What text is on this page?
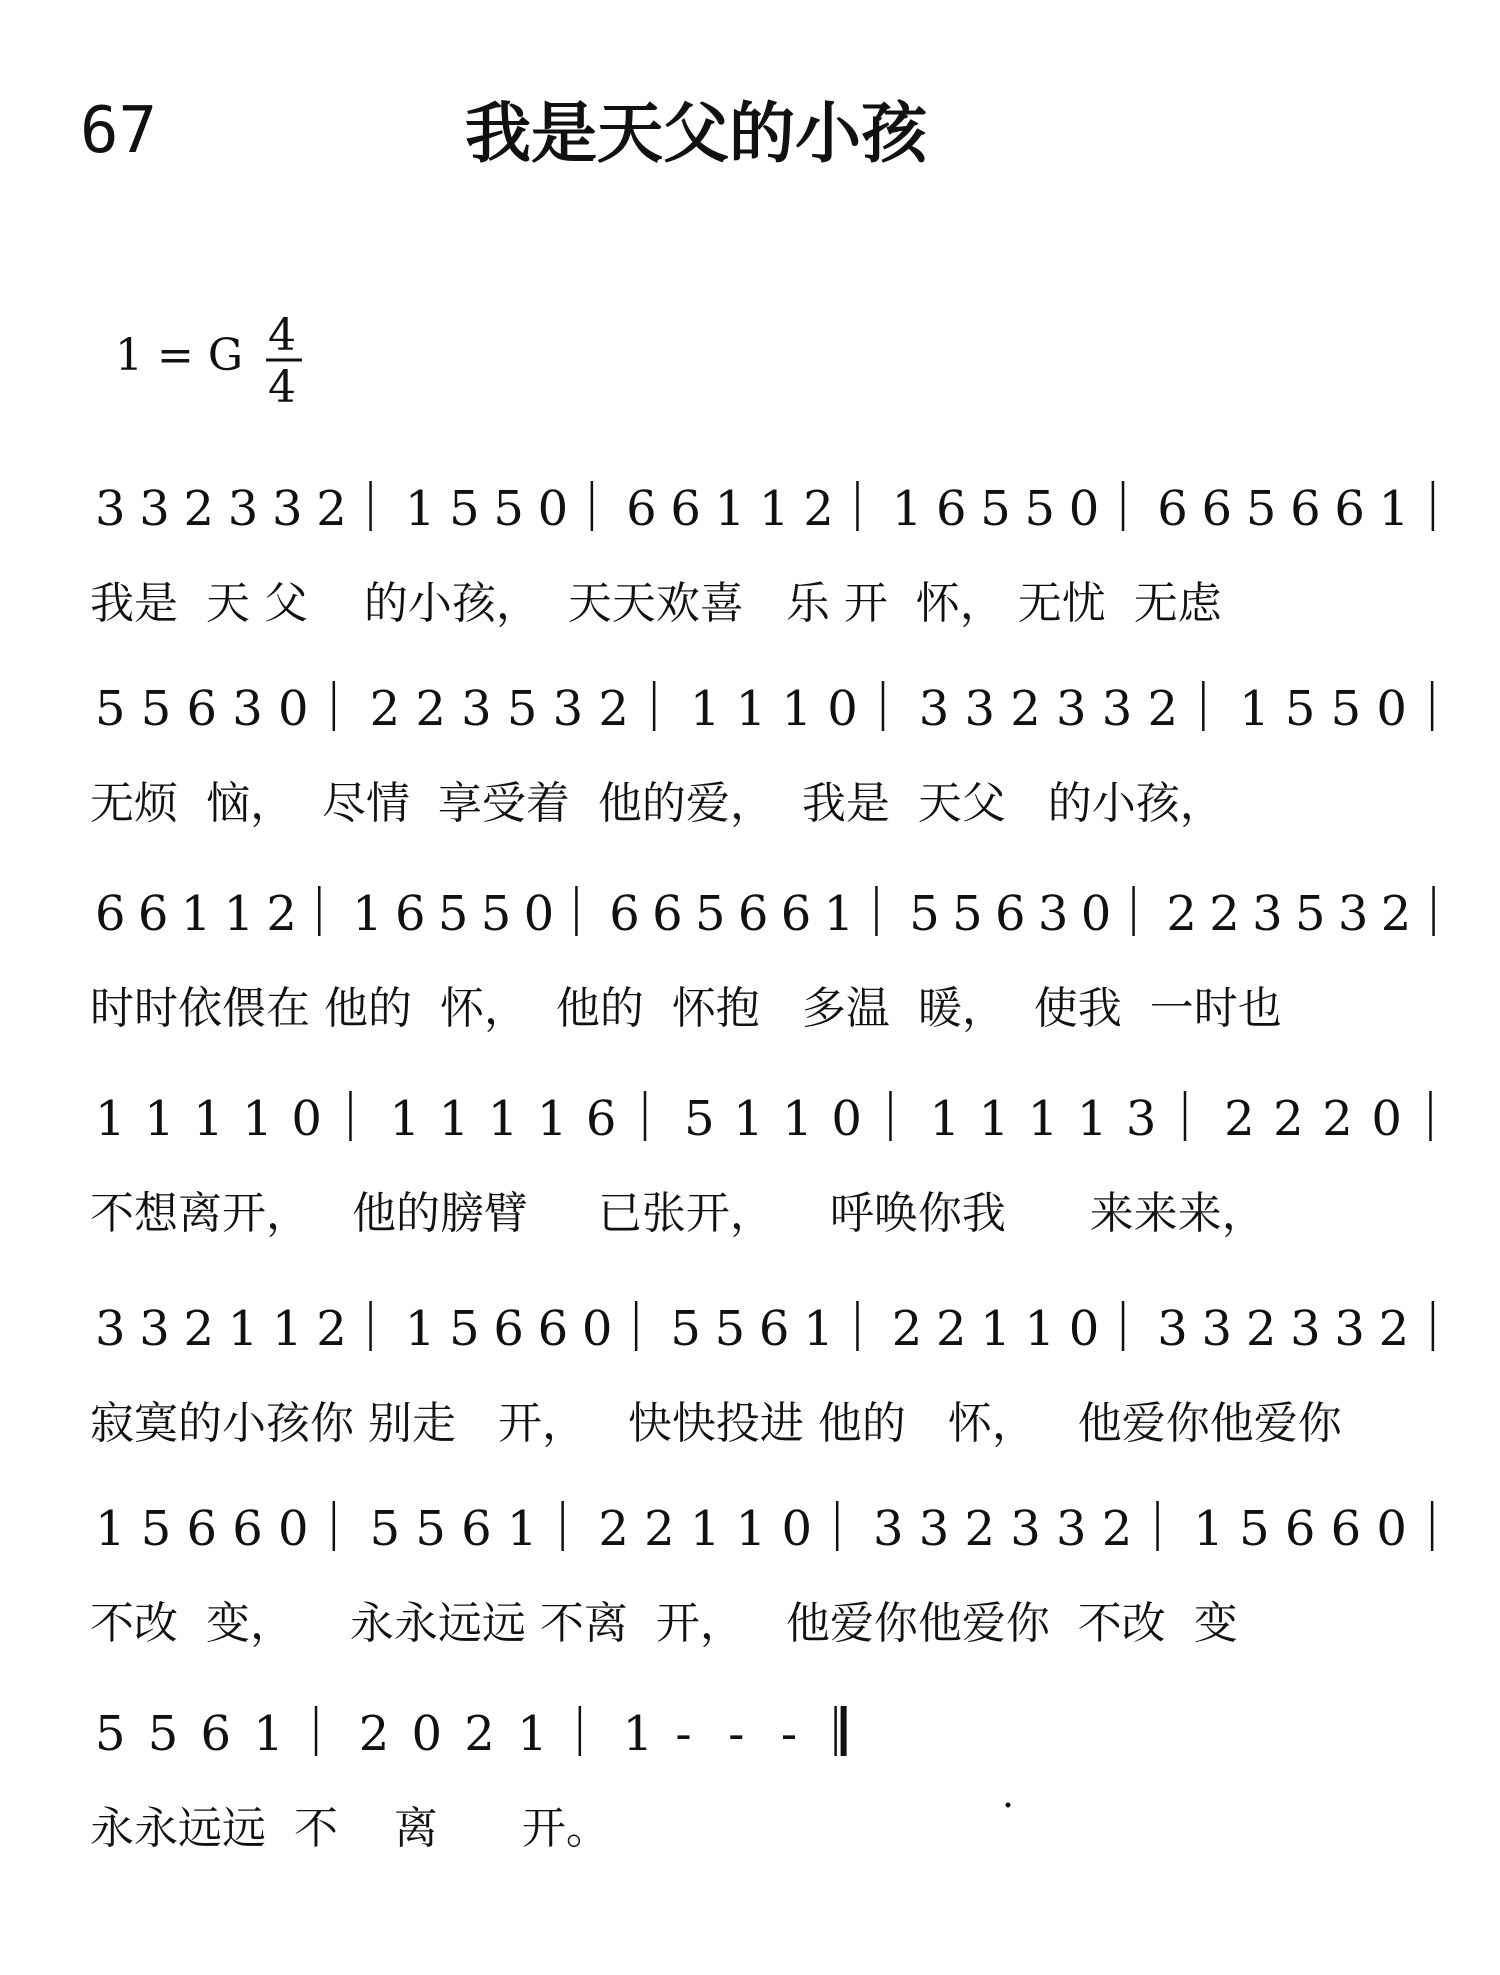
67	我是天父的小孩
1 = G 4
4
3 3 2 3 3 2 1 5 5 0 6 6 1 1 2 1 6 5 5 0 6 6 5 6 6 1
我是  天 父    的小孩，  天天欢喜   乐 开  怀， 无忧  无虑
5 5 6 3 0 2 2 3 5 3 2 1 1 1 0 3 3 2 3 3 2 1 5 5 0
无烦  恼，  尽情  享受着  他的爱，  我是  天父   的小孩，
6 6 1 1 2 1 6 5 5 0 6 6 5 6 6 1 5 5 6 3 0 2 2 3 5 3 2
时时依偎在 他的  怀，  他的  怀抱   多温  暖，  使我  一时也
1 1 1 1 0 1 1 1 1 6 5 1 1 0 1 1 1 1 3 2 2 2 0
不想离开，   他的膀臂     已张开，    呼唤你我      来来来，
3 3 2 1 1 2 1 5 6 6 0 5 5 6 1 2 2 1 1 0 3 3 2 3 3 2
寂寞的小孩你 别走   开，   快快投进 他的   怀，   他爱你他爱你
1 5 6 6 0 5 5 6 1 2 2 1 1 0 3 3 2 3 3 2 1 5 6 6 0
不改  变，    永永远远 不离  开，   他爱你他爱你  不改  变
5 5 6 1 2 0 2 1 1 - - -
永永远远  不    离      开。
